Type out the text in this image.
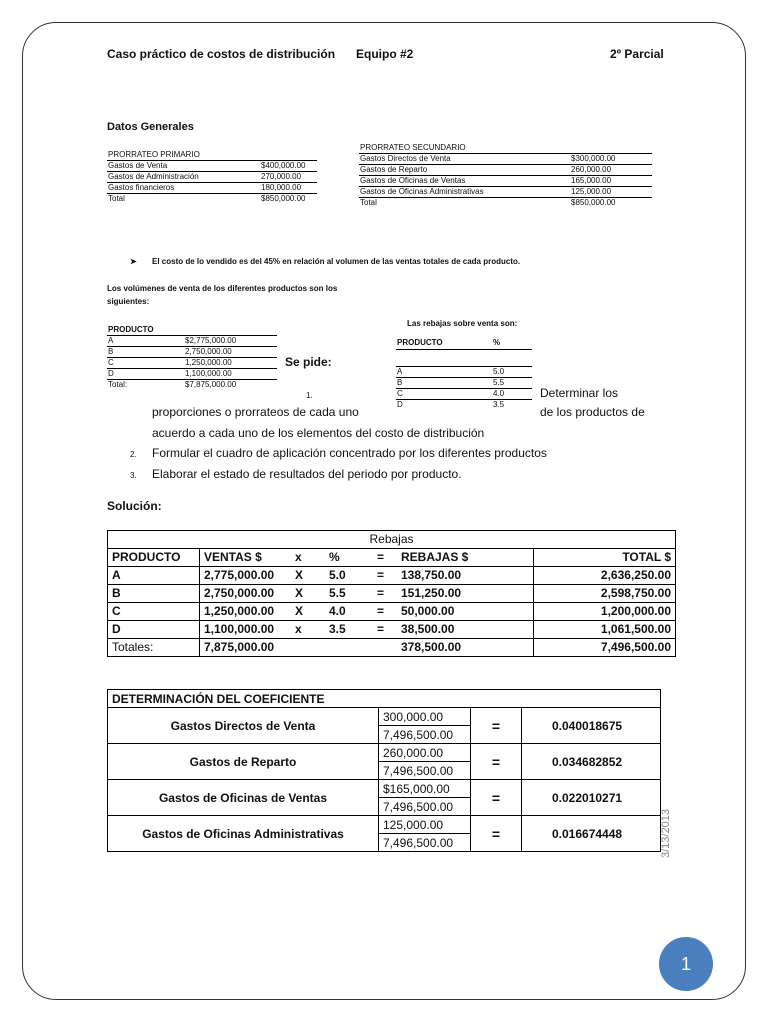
Caso práctico de costos de distribución Equipo #2	2º Parcial
Datos Generales
PRORRATEO PRIMARIO	
Gastos de Venta	$400,000.00
Gastos de Administración	270,000.00
Gastos financieros	180,000.00
Total	$850,000.00
PRORRATEO SECUNDARIO	
Gastos Directos de Venta	$300,000.00
Gastos de Reparto	260,000.00
Gastos de Oficinas de Ventas	165,000.00
Gastos de Oficinas Administrativas	125,000.00
Total	$850,000.00
➤ El costo de lo vendido es del 45% en relación al volumen de las ventas totales de cada producto.
Los volúmenes de venta de los diferentes productos son los
siguientes:
PRODUCTO	
A	$2,775,000.00
B	2,750,000.00
C	1,250,000.00
D	1,100,000.00
Total:	$7,875,000.00
Se pide:
1.
Las rebajas sobre venta son:
PRODUCTO	%

A	5.0
B	5.5
C	4.0
D	3.5
Determinar los
proporciones o prorrateos de cada uno	de los productos de
acuerdo a cada uno de los elementos del costo de distribución
2. Formular el cuadro de aplicación concentrado por los diferentes productos
3. Elaborar el estado de resultados del periodo por producto.
Solución:
Rebajas						
PRODUCTO	VENTAS $	x	%	=	REBAJAS $	TOTAL $
A	2,775,000.00	X	5.0	=	138,750.00	2,636,250.00
B	2,750,000.00	X	5.5	=	151,250.00	2,598,750.00
C	1,250,000.00	X	4.0	=	50,000.00	1,200,000.00
D	1,100,000.00	x	3.5	=	38,500.00	1,061,500.00
Totales:	7,875,000.00				378,500.00	7,496,500.00
DETERMINACIÓN DEL COEFICIENTE			
Gastos Directos de Venta	300,000.00	=	0.040018675
	7,496,500.00		
Gastos de Reparto	260,000.00	=	0.034682852
	7,496,500.00		
Gastos de Oficinas de Ventas	$165,000.00	=	0.022010271
	7,496,500.00		
Gastos de Oficinas Administrativas	125,000.00	=	0.016674448
	7,496,500.00			3/13/2013
1
